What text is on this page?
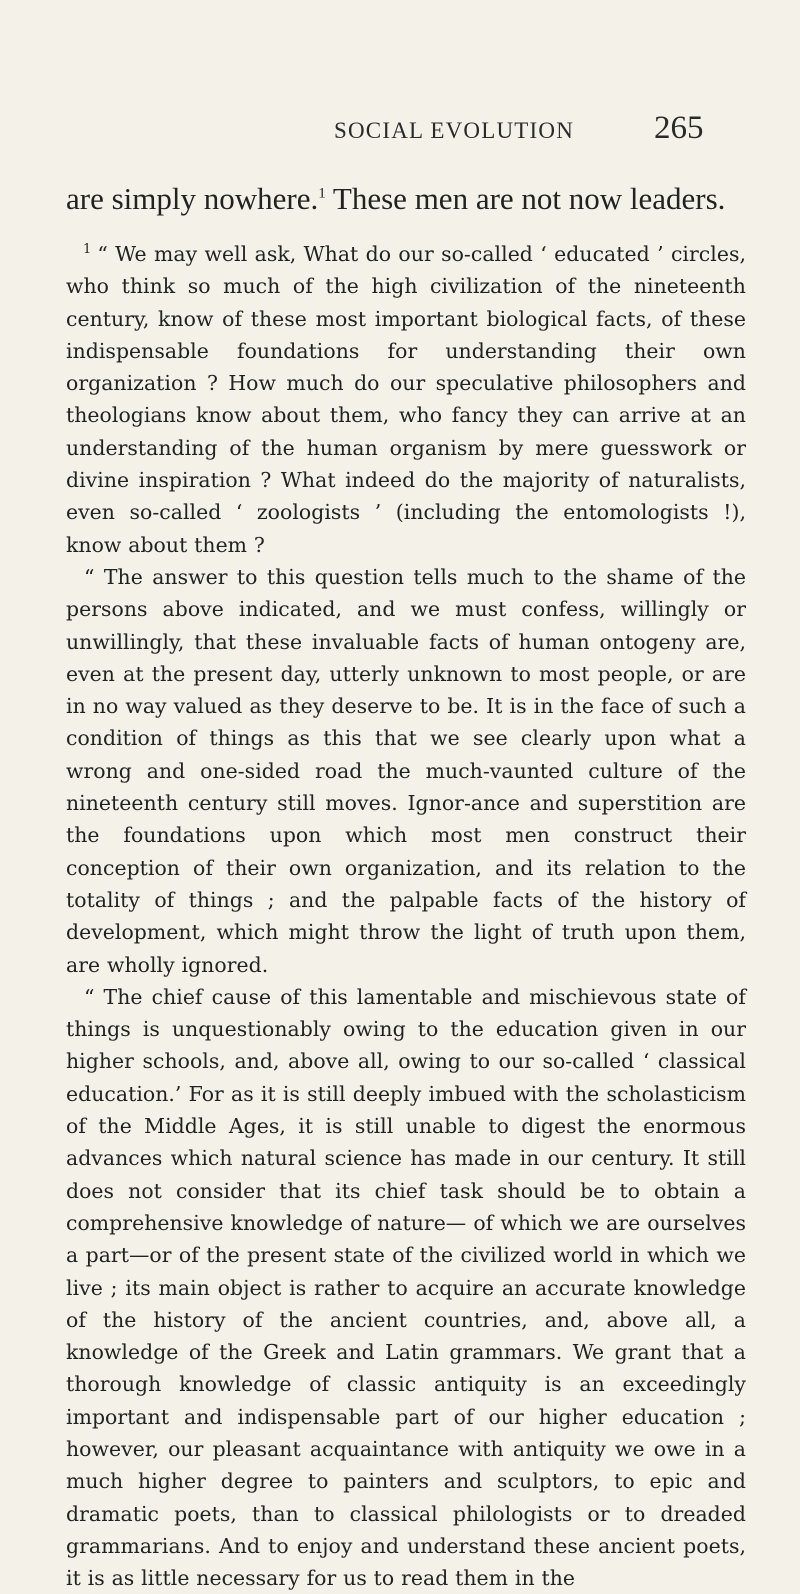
SOCIAL EVOLUTION 265
are simply nowhere.$^1$ These men are not now leaders.

$^1$ “ We may well ask, What do our so-called ‘ educated ’ circles, who think so much of the high civilization of the nineteenth century, know of these most important biological facts, of these indispensable foundations for understanding their own organization ? How much do our speculative philosophers and theologians know about them, who fancy they can arrive at an understanding of the human organism by mere guesswork or divine inspiration ? What indeed do the majority of naturalists, even so-called ‘ zoologists ’ (including the entomologists !), know about them ?

“ The answer to this question tells much to the shame of the persons above indicated, and we must confess, willingly or unwillingly, that these invaluable facts of human ontogeny are, even at the present day, utterly unknown to most people, or are in no way valued as they deserve to be. It is in the face of such a condition of things as this that we see clearly upon what a wrong and one-sided road the much-vaunted culture of the nineteenth century still moves. Ignor-ance and superstition are the foundations upon which most men construct their conception of their own organization, and its relation to the totality of things ; and the palpable facts of the history of development, which might throw the light of truth upon them, are wholly ignored.

“ The chief cause of this lamentable and mischievous state of things is unquestionably owing to the education given in our higher schools, and, above all, owing to our so-called ‘ classical education.’ For as it is still deeply imbued with the scholasticism of the Middle Ages, it is still unable to digest the enormous advances which natural science has made in our century. It still does not consider that its chief task should be to obtain a comprehensive knowledge of nature— of which we are ourselves a part—or of the present state of the civilized world in which we live ; its main object is rather to acquire an accurate knowledge of the history of the ancient countries, and, above all, a knowledge of the Greek and Latin grammars. We grant that a thorough knowledge of classic antiquity is an exceedingly important and indispensable part of our higher education ; however, our pleasant acquaintance with antiquity we owe in a much higher degree to painters and sculptors, to epic and dramatic poets, than to classical philologists or to dreaded grammarians. And to enjoy and understand these ancient poets, it is as little necessary for us to read them in the
